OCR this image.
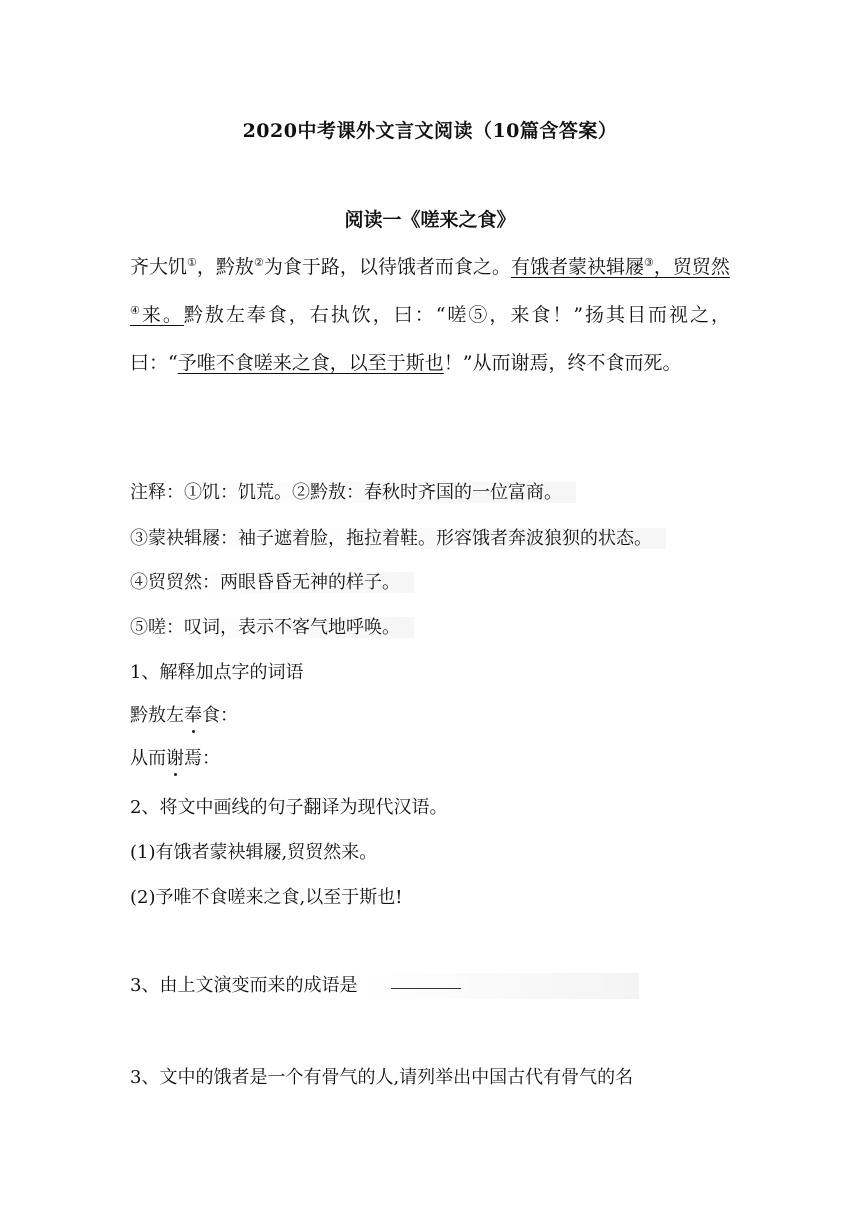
2020中考课外文言文阅读（10篇含答案）
阅读一《嗟来之食》
齐大饥①，黔敖②为食于路，以待饿者而食之。有饿者蒙袂辑屦③，贸贸然④来。黔敖左奉食，右执饮，曰：“嗟⑤，来食！”扬其目而视之，曰：“予唯不食嗟来之食，以至于斯也！”从而谢焉，终不食而死。
注释：①饥：饥荒。②黔敖：春秋时齐国的一位富商。
③蒙袂辑屦：袖子遮着脸，拖拉着鞋。形容饿者奔波狼狈的状态。
④贸贸然：两眼昏昏无神的样子。
⑤嗟：叹词，表示不客气地呼唤。
1、解释加点字的词语
黔敖左奉食：
从而谢焉：
2、将文中画线的句子翻译为现代汉语。
(1)有饿者蒙袂辑屦,贸贸然来。
(2)予唯不食嗟来之食,以至于斯也!
3、由上文演变而来的成语是
3、文中的饿者是一个有骨气的人,请列举出中国古代有骨气的名
